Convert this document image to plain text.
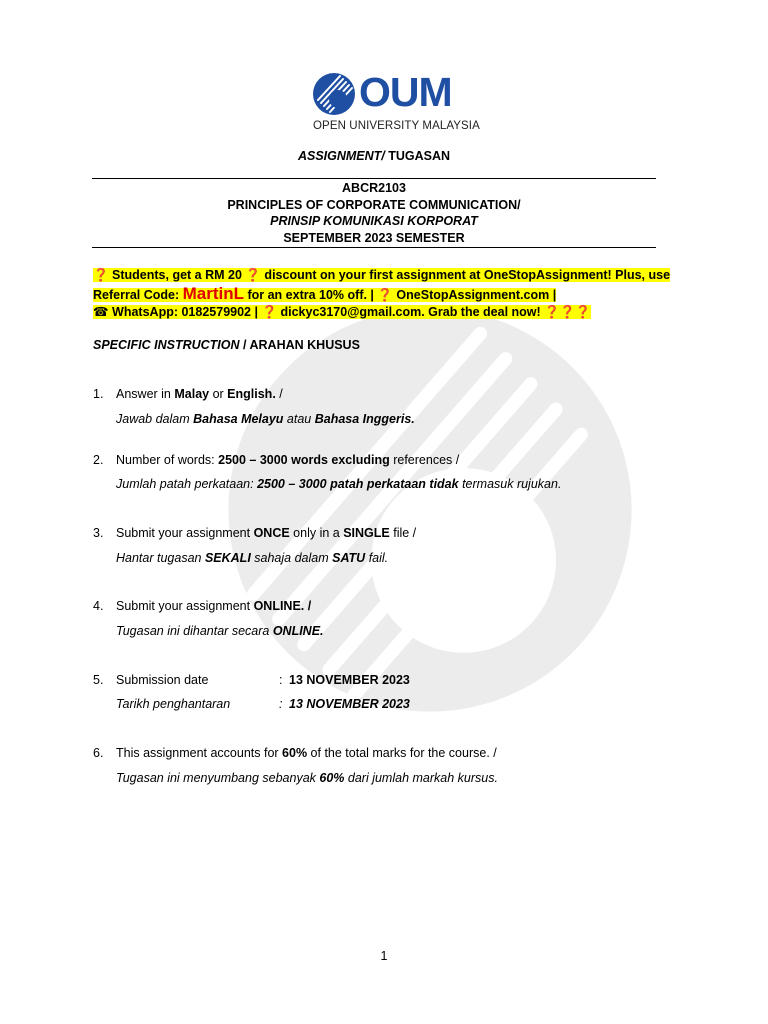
OUM
OPEN UNIVERSITY MALAYSIA
ASSIGNMENT/ TUGASAN
ABCR2103
PRINCIPLES OF CORPORATE COMMUNICATION/
PRINSIP KOMUNIKASI KORPORAT
SEPTEMBER 2023 SEMESTER
❓ Students, get a RM 20 ❓ discount on your first assignment at OneStopAssignment! Plus, use
Referral Code: MartinL for an extra 10% off. | ❓ OneStopAssignment.com |
☎ WhatsApp: 0182579902 | ❓ dickyc3170@gmail.com. Grab the deal now! ❓❓❓
SPECIFIC INSTRUCTION / ARAHAN KHUSUS
1. Answer in Malay or English. /
Jawab dalam Bahasa Melayu atau Bahasa Inggeris.
2. Number of words: 2500 – 3000 words excluding references /
Jumlah patah perkataan: 2500 – 3000 patah perkataan tidak termasuk rujukan.
3. Submit your assignment ONCE only in a SINGLE file /
Hantar tugasan SEKALI sahaja dalam SATU fail.
4. Submit your assignment ONLINE. /
Tugasan ini dihantar secara ONLINE.
5. Submission date	: 13 NOVEMBER 2023
Tarikh penghantaran	: 13 NOVEMBER 2023
6. This assignment accounts for 60% of the total marks for the course. /
Tugasan ini menyumbang sebanyak 60% dari jumlah markah kursus.
1
